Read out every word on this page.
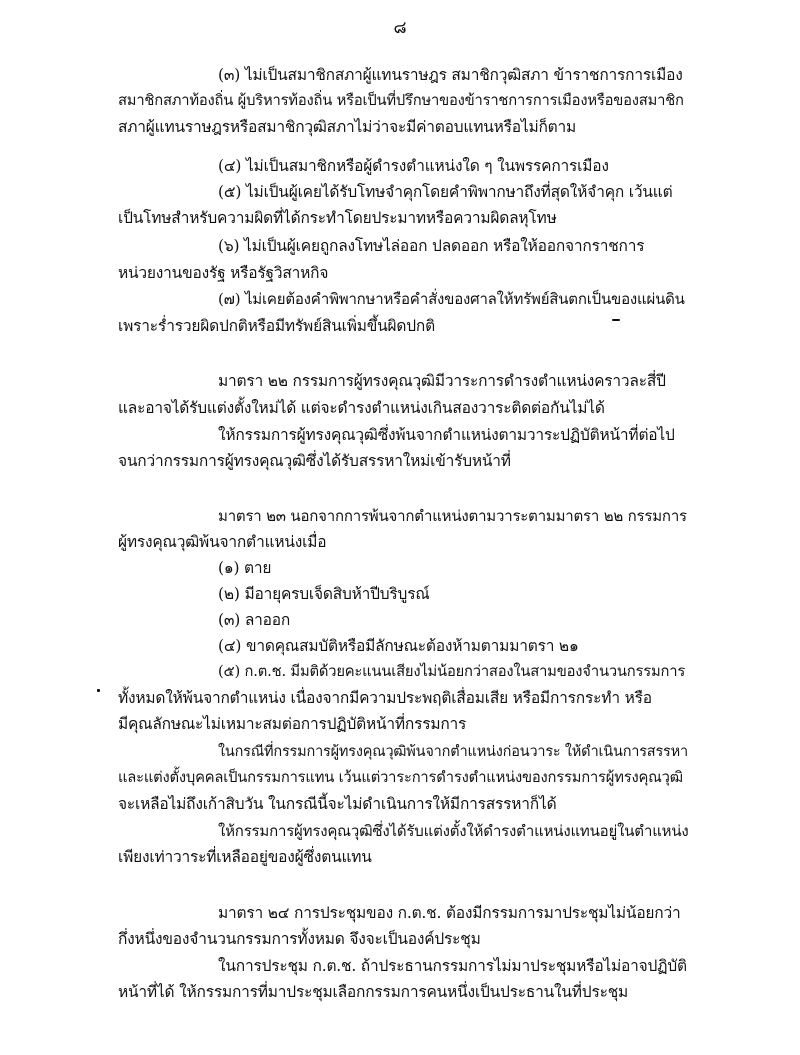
๘
(๓) ไม่เป็นสมาชิกสภาผู้แทนราษฎร สมาชิกวุฒิสภา ข้าราชการการเมือง
สมาชิกสภาท้องถิ่น ผู้บริหารท้องถิ่น หรือเป็นที่ปรึกษาของข้าราชการการเมืองหรือของสมาชิก
สภาผู้แทนราษฎรหรือสมาชิกวุฒิสภาไม่ว่าจะมีค่าตอบแทนหรือไม่ก็ตาม
(๔) ไม่เป็นสมาชิกหรือผู้ดำรงตำแหน่งใด ๆ ในพรรคการเมือง
(๕) ไม่เป็นผู้เคยได้รับโทษจำคุกโดยคำพิพากษาถึงที่สุดให้จำคุก เว้นแต่
เป็นโทษสำหรับความผิดที่ได้กระทำโดยประมาทหรือความผิดลหุโทษ
(๖) ไม่เป็นผู้เคยถูกลงโทษไล่ออก ปลดออก หรือให้ออกจากราชการ
หน่วยงานของรัฐ หรือรัฐวิสาหกิจ
(๗) ไม่เคยต้องคำพิพากษาหรือคำสั่งของศาลให้ทรัพย์สินตกเป็นของแผ่นดิน
เพราะร่ำรวยผิดปกติหรือมีทรัพย์สินเพิ่มขึ้นผิดปกติ
มาตรา ๒๒ กรรมการผู้ทรงคุณวุฒิมีวาระการดำรงตำแหน่งคราวละสี่ปี
และอาจได้รับแต่งตั้งใหม่ได้ แต่จะดำรงตำแหน่งเกินสองวาระติดต่อกันไม่ได้
ให้กรรมการผู้ทรงคุณวุฒิซึ่งพ้นจากตำแหน่งตามวาระปฏิบัติหน้าที่ต่อไป
จนกว่ากรรมการผู้ทรงคุณวุฒิซึ่งได้รับสรรหาใหม่เข้ารับหน้าที่
มาตรา ๒๓ นอกจากการพ้นจากตำแหน่งตามวาระตามมาตรา ๒๒ กรรมการ
ผู้ทรงคุณวุฒิพ้นจากตำแหน่งเมื่อ
(๑) ตาย
(๒) มีอายุครบเจ็ดสิบห้าปีบริบูรณ์
(๓) ลาออก
(๔) ขาดคุณสมบัติหรือมีลักษณะต้องห้ามตามมาตรา ๒๑
(๕) ก.ต.ช. มีมติด้วยคะแนนเสียงไม่น้อยกว่าสองในสามของจำนวนกรรมการ
ทั้งหมดให้พ้นจากตำแหน่ง เนื่องจากมีความประพฤติเสื่อมเสีย หรือมีการกระทำ หรือ
มีคุณลักษณะไม่เหมาะสมต่อการปฏิบัติหน้าที่กรรมการ
ในกรณีที่กรรมการผู้ทรงคุณวุฒิพ้นจากตำแหน่งก่อนวาระ ให้ดำเนินการสรรหา
และแต่งตั้งบุคคลเป็นกรรมการแทน เว้นแต่วาระการดำรงตำแหน่งของกรรมการผู้ทรงคุณวุฒิ
จะเหลือไม่ถึงเก้าสิบวัน ในกรณีนี้จะไม่ดำเนินการให้มีการสรรหาก็ได้
ให้กรรมการผู้ทรงคุณวุฒิซึ่งได้รับแต่งตั้งให้ดำรงตำแหน่งแทนอยู่ในตำแหน่ง
เพียงเท่าวาระที่เหลืออยู่ของผู้ซึ่งตนแทน
มาตรา ๒๔ การประชุมของ ก.ต.ช. ต้องมีกรรมการมาประชุมไม่น้อยกว่า
กึ่งหนึ่งของจำนวนกรรมการทั้งหมด จึงจะเป็นองค์ประชุม
ในการประชุม ก.ต.ช. ถ้าประธานกรรมการไม่มาประชุมหรือไม่อาจปฏิบัติ
หน้าที่ได้ ให้กรรมการที่มาประชุมเลือกกรรมการคนหนึ่งเป็นประธานในที่ประชุม
